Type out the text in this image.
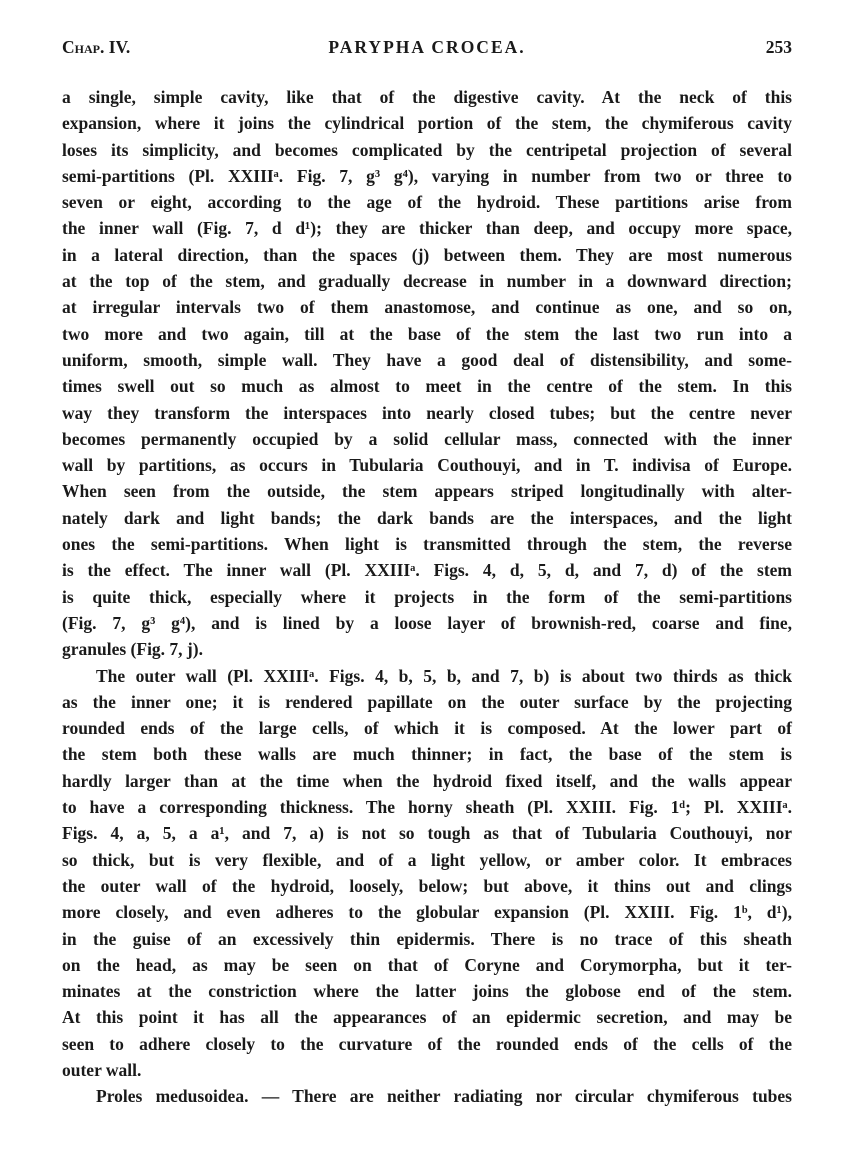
Chap. IV.	PARYPHA CROCEA.	253
a single, simple cavity, like that of the digestive cavity. At the neck of this
expansion, where it joins the cylindrical portion of the stem, the chymiferous cavity
loses its simplicity, and becomes complicated by the centripetal projection of several
semi-partitions (Pl. XXIIIᵃ. Fig. 7, g³ g⁴), varying in number from two or three to
seven or eight, according to the age of the hydroid. These partitions arise from
the inner wall (Fig. 7, d d¹); they are thicker than deep, and occupy more space,
in a lateral direction, than the spaces (j) between them. They are most numerous
at the top of the stem, and gradually decrease in number in a downward direction;
at irregular intervals two of them anastomose, and continue as one, and so on,
two more and two again, till at the base of the stem the last two run into a
uniform, smooth, simple wall. They have a good deal of distensibility, and some-
times swell out so much as almost to meet in the centre of the stem. In this
way they transform the interspaces into nearly closed tubes; but the centre never
becomes permanently occupied by a solid cellular mass, connected with the inner
wall by partitions, as occurs in Tubularia Couthouyi, and in T. indivisa of Europe.
When seen from the outside, the stem appears striped longitudinally with alter-
nately dark and light bands; the dark bands are the interspaces, and the light
ones the semi-partitions. When light is transmitted through the stem, the reverse
is the effect. The inner wall (Pl. XXIIIᵃ. Figs. 4, d, 5, d, and 7, d) of the stem
is quite thick, especially where it projects in the form of the semi-partitions
(Fig. 7, g³ g⁴), and is lined by a loose layer of brownish-red, coarse and fine,
granules (Fig. 7, j).
The outer wall (Pl. XXIIIᵃ. Figs. 4, b, 5, b, and 7, b) is about two thirds as thick
as the inner one; it is rendered papillate on the outer surface by the projecting
rounded ends of the large cells, of which it is composed. At the lower part of
the stem both these walls are much thinner; in fact, the base of the stem is
hardly larger than at the time when the hydroid fixed itself, and the walls appear
to have a corresponding thickness. The horny sheath (Pl. XXIII. Fig. 1ᵈ; Pl. XXIIIᵃ.
Figs. 4, a, 5, a a¹, and 7, a) is not so tough as that of Tubularia Couthouyi, nor
so thick, but is very flexible, and of a light yellow, or amber color. It embraces
the outer wall of the hydroid, loosely, below; but above, it thins out and clings
more closely, and even adheres to the globular expansion (Pl. XXIII. Fig. 1ᵇ, d¹),
in the guise of an excessively thin epidermis. There is no trace of this sheath
on the head, as may be seen on that of Coryne and Corymorpha, but it ter-
minates at the constriction where the latter joins the globose end of the stem.
At this point it has all the appearances of an epidermic secretion, and may be
seen to adhere closely to the curvature of the rounded ends of the cells of the
outer wall.
Proles medusoidea. — There are neither radiating nor circular chymiferous tubes
